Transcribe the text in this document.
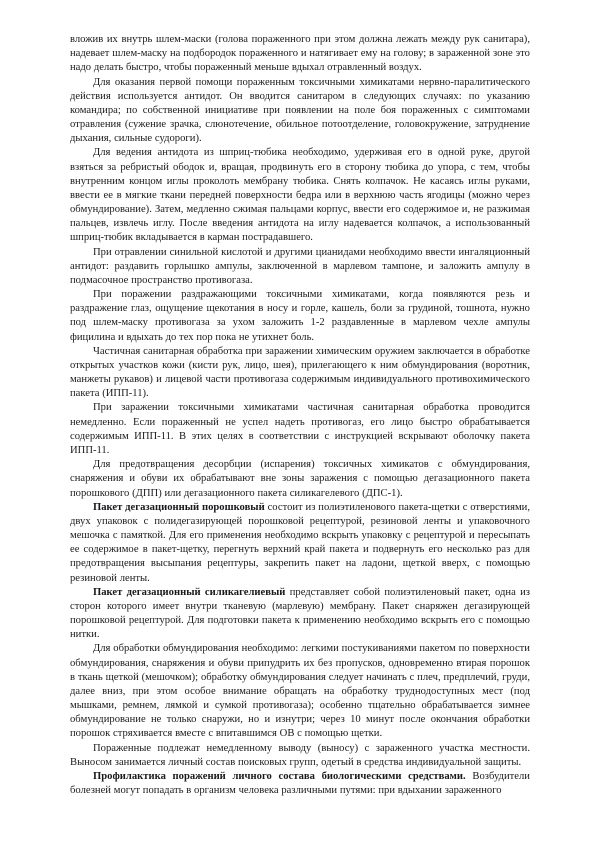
вложив их внутрь шлем-маски (голова пораженного при этом должна лежать между рук санитара), надевает шлем-маску на подбородок пораженного и натягивает ему на голову; в зараженной зоне это надо делать быстро, чтобы пораженный меньше вдыхал отравленный воздух.

Для оказания первой помощи пораженным токсичными химикатами нервно-паралитического действия используется антидот. Он вводится санитаром в следующих случаях: по указанию командира; по собственной инициативе при появлении на поле боя пораженных с симптомами отравления (сужение зрачка, слюнотечение, обильное потоотделение, головокружение, затруднение дыхания, сильные судороги).

Для ведения антидота из шприц-тюбика необходимо, удерживая его в одной руке, другой взяться за ребристый ободок и, вращая, продвинуть его в сторону тюбика до упора, с тем, чтобы внутренним концом иглы проколоть мембрану тюбика. Снять колпачок. Не касаясь иглы руками, ввести ее в мягкие ткани передней поверхности бедра или в верхнюю часть ягодицы (можно через обмундирование). Затем, медленно сжимая пальцами корпус, ввести его содержимое и, не разжимая пальцев, извлечь иглу. После введения антидота на иглу надевается колпачок, а использованный шприц-тюбик вкладывается в карман пострадавшего.

При отравлении синильной кислотой и другими цианидами необходимо ввести ингаляционный антидот: раздавить горлышко ампулы, заключенной в марлевом тампоне, и заложить ампулу в подмасочное пространство противогаза.

При поражении раздражающими токсичными химикатами, когда появляются резь и раздражение глаз, ощущение щекотания в носу и горле, кашель, боли за грудиной, тошнота, нужно под шлем-маску противогаза за ухом заложить 1-2 раздавленные в марлевом чехле ампулы фицилина и вдыхать до тех пор пока не утихнет боль.

Частичная санитарная обработка при заражении химическим оружием заключается в обработке открытых участков кожи (кисти рук, лицо, шея), прилегающего к ним обмундирования (воротник, манжеты рукавов) и лицевой части противогаза содержимым индивидуального противохимического пакета (ИПП-11).

При заражении токсичными химикатами частичная санитарная обработка проводится немедленно. Если пораженный не успел надеть противогаз, его лицо быстро обрабатывается содержимым ИПП-11. В этих целях в соответствии с инструкцией вскрывают оболочку пакета ИПП-11.

Для предотвращения десорбции (испарения) токсичных химикатов с обмундирования, снаряжения и обуви их обрабатывают вне зоны заражения с помощью дегазационного пакета порошкового (ДПП) или дегазационного пакета силикагелевого (ДПС-1).

Пакет дегазационный порошковый состоит из полиэтиленового пакета-щетки с отверстиями, двух упаковок с полидегазирующей порошковой рецептурой, резиновой ленты и упаковочного мешочка с памяткой. Для его применения необходимо вскрыть упаковку с рецептурой и пересыпать ее содержимое в пакет-щетку, перегнуть верхний край пакета и подвернуть его несколько раз для предотвращения высыпания рецептуры, закрепить пакет на ладони, щеткой вверх, с помощью резиновой ленты.

Пакет дегазационный силикагелиевый представляет собой полиэтиленовый пакет, одна из сторон которого имеет внутри тканевую (марлевую) мембрану. Пакет снаряжен дегазирующей порошковой рецептурой. Для подготовки пакета к применению необходимо вскрыть его с помощью нитки.

Для обработки обмундирования необходимо: легкими постукиваниями пакетом по поверхности обмундирования, снаряжения и обуви припудрить их без пропусков, одновременно втирая порошок в ткань щеткой (мешочком); обработку обмундирования следует начинать с плеч, предплечий, груди, далее вниз, при этом особое внимание обращать на обработку труднодоступных мест (под мышками, ремнем, лямкой и сумкой противогаза); особенно тщательно обрабатывается зимнее обмундирование не только снаружи, но и изнутри; через 10 минут после окончания обработки порошок стряхивается вместе с впитавшимся ОВ с помощью щетки.

Пораженные подлежат немедленному выводу (выносу) с зараженного участка местности. Выносом занимается личный состав поисковых групп, одетый в средства индивидуальной защиты.

Профилактика поражений личного состава биологическими средствами. Возбудители болезней могут попадать в организм человека различными путями: при вдыхании зараженного
